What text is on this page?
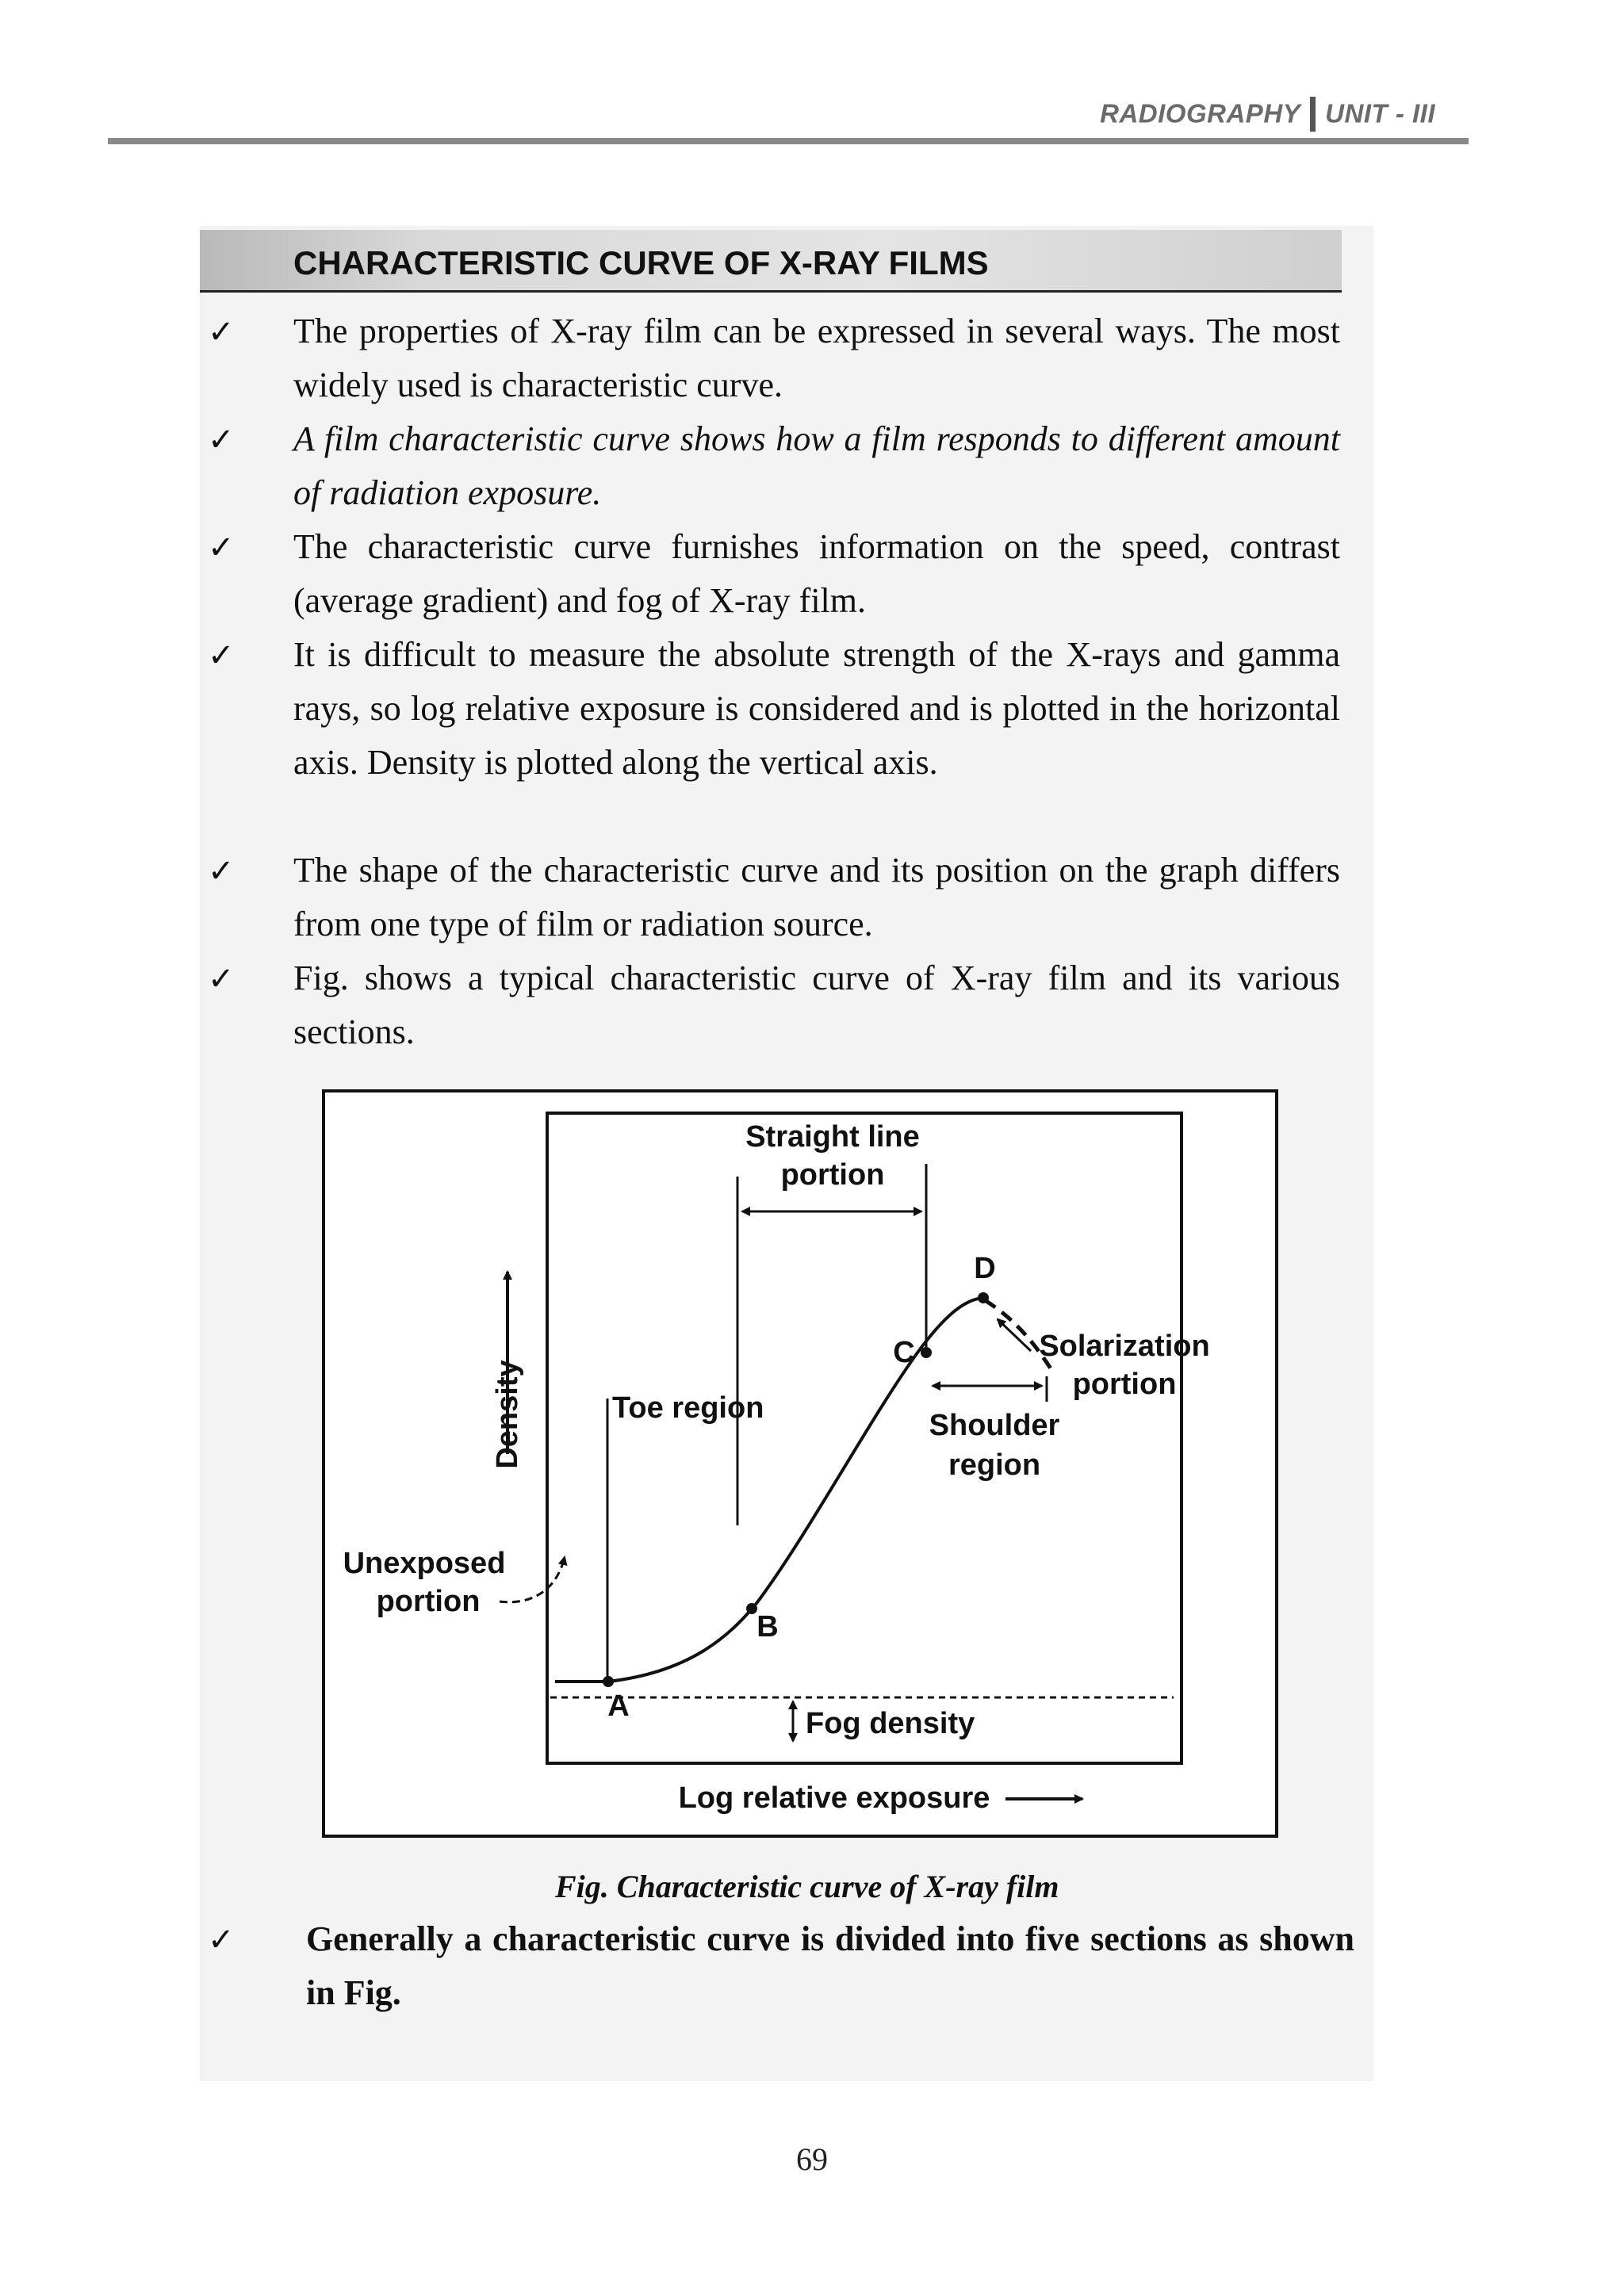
RADIOGRAPHY UNIT - III
CHARACTERISTIC CURVE OF X-RAY FILMS
✓ The properties of X-ray film can be expressed in several ways. The most widely used is characteristic curve.
✓ A film characteristic curve shows how a film responds to different amount of radiation exposure.
✓ The characteristic curve furnishes information on the speed, contrast (average gradient) and fog of X-ray film.
✓ It is difficult to measure the absolute strength of the X-rays and gamma rays, so log relative exposure is considered and is plotted in the horizontal axis. Density is plotted along the vertical axis.
✓ The shape of the characteristic curve and its position on the graph differs from one type of film or radiation source.
✓ Fig. shows a typical characteristic curve of X-ray film and its various sections.
Straight line
portion
D
C
B
A
Solarization
portion
Shoulder
region
Toe region
Density
Unexposed
portion
Fog density
Log relative exposure
Fig. Characteristic curve of X-ray film
✓ Generally a characteristic curve is divided into five sections as shown in Fig.
69
